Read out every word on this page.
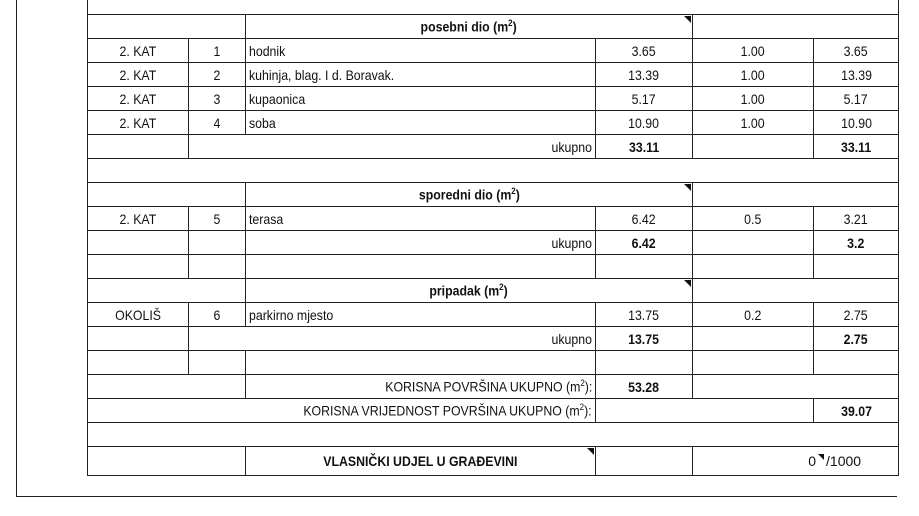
		posebni dio $(m^2)$		

2. KAT	1	hodnik	3.65	1.00	3.65
2. KAT	2	kuhinja, blag. I d. Boravak.	13.39	1.00	13.39
2. KAT	3	kupaonica	5.17	1.00	5.17
2. KAT	4	soba	10.90	1.00	10.90
	ukupno		33.11		33.11

		sporedni dio $(m^2)$		

2. KAT	5	terasa	6.42	0.5	3.21
		ukupno	6.42		3.2

		pripadak $(m^2)$		

OKOLIŠ	6	parkirno mjesto	13.75	0.2	2.75
	ukupno		13.75		2.75

		KORISNA POVRŠINA UKUPNO $(m^2)$:	53.28		
KORISNA VRIJEDNOST POVRŠINA UKUPNO $(m^2)$:					39.07

		VLASNIČKI UDJEL U GRAĐEVINI		0 /1000	
